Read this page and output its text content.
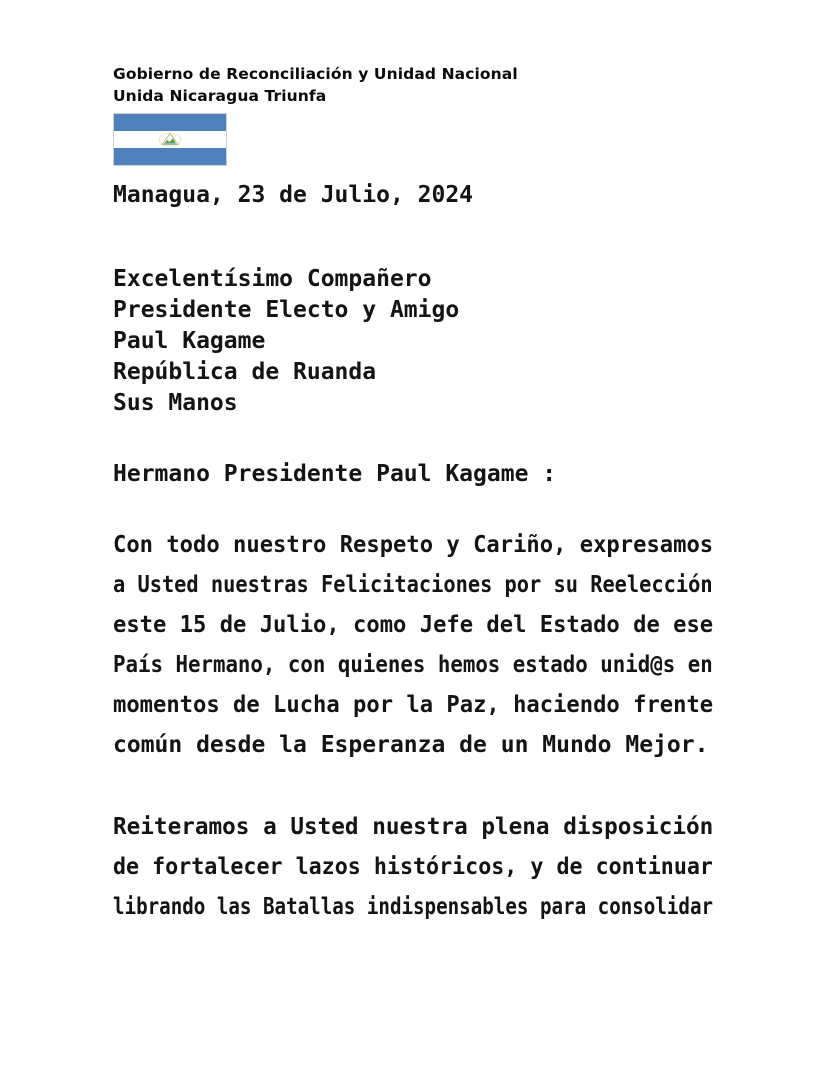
Gobierno de Reconciliación y Unidad Nacional
Unida Nicaragua Triunfa
Managua, 23 de Julio, 2024
Excelentísimo Compañero
Presidente Electo y Amigo
Paul Kagame
República de Ruanda
Sus Manos
Hermano Presidente Paul Kagame :
Con todo nuestro Respeto y Cariño, expresamos
a Usted nuestras Felicitaciones por su Reelección
este 15 de Julio, como Jefe del Estado de ese
País Hermano, con quienes hemos estado unid@s en
momentos de Lucha por la Paz, haciendo frente
común desde la Esperanza de un Mundo Mejor.
Reiteramos a Usted nuestra plena disposición
de fortalecer lazos históricos, y de continuar
librando las Batallas indispensables para consolidar
